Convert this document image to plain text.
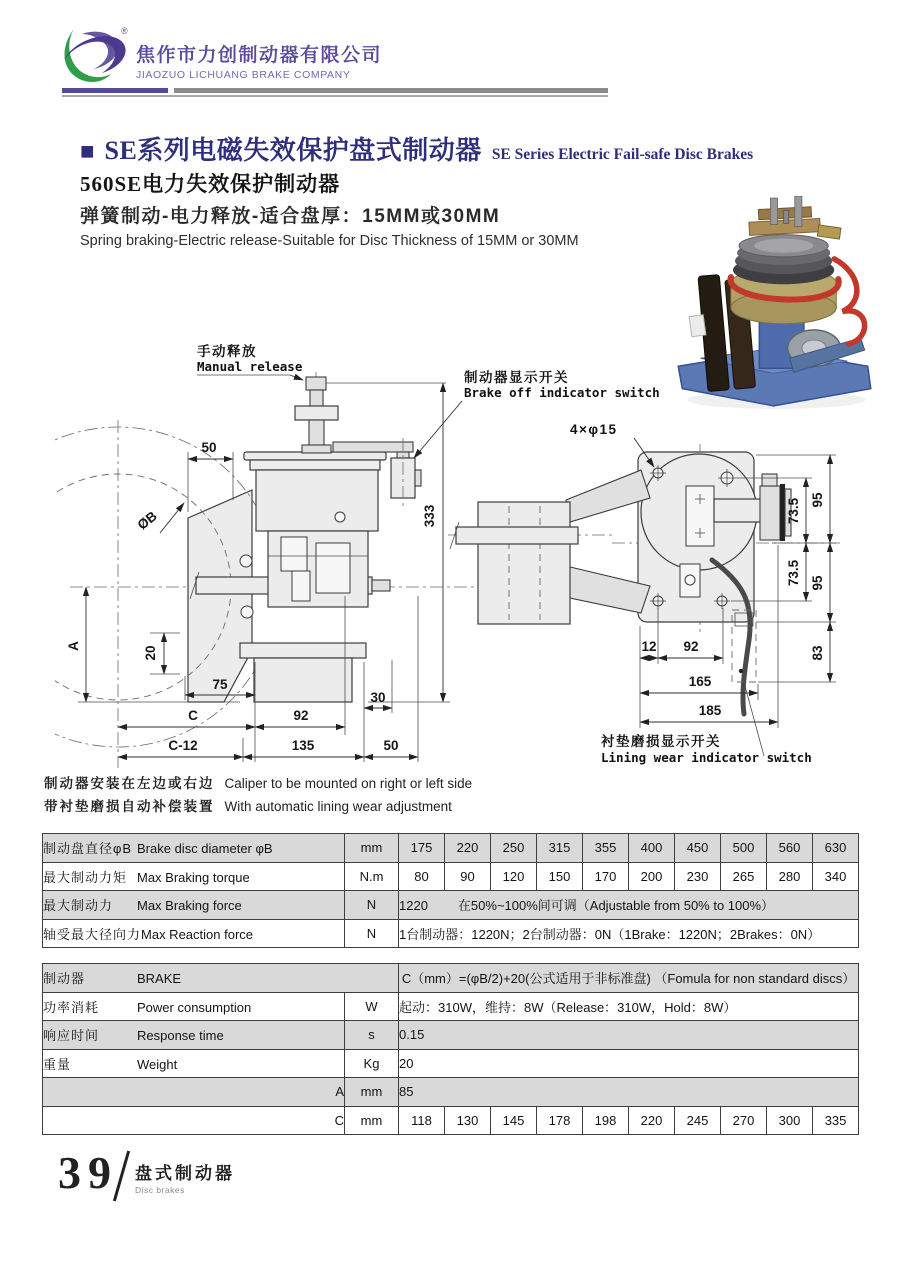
®
焦作市力创制动器有限公司
JIAOZUO LICHUANG BRAKE COMPANY
■ SE系列电磁失效保护盘式制动器 SE Series Electric Fail-safe Disc Brakes
560SE电力失效保护制动器
弹簧制动-电力释放-适合盘厚：15MM或30MM
Spring braking-Electric release-Suitable for Disc Thickness of 15MM or 30MM
手动释放
Manual release
制动器显示开关
Brake off indicator switch
50
ØB	333
A	20
75
30
C	92
C-12	135	50
4×φ15
衬垫磨损显示开关
Lining wear indicator switch
73.5
73.5
95
95
83
12 92
165
185
制动器安装在左边或右边 Caliper to be mounted on right or left side
带衬垫磨损自动补偿装置 With automatic lining wear adjustment
制动盘直径φB Brake disc diameter φB	mm	175	220	250	315	355	400	450	500	560	630
最大制动力矩 Max Braking torque	N.m	80	90	120	150	170	200	230	265	280	340
最大制动力 Max Braking force	N	1220 在50%~100%间可调（Adjustable from 50% to 100%）									
轴受最大径向力Max Reaction force	N	1台制动器：1220N；2台制动器：0N（1Brake：1220N；2Brakes：0N）									
制动器 BRAKE		C（mm）=(φB/2)+20(公式适用于非标准盘) （Fomula for non standard discs）									
功率消耗 Power consumption	W	起动：310W，维持：8W（Release：310W，Hold：8W）									
响应时间 Response time	s	0.15									
重量 Weight	Kg	20									
A	mm	85									
C	mm	118	130	145	178	198	220	245	270	300	335
39 盘式制动器
Disc brakes
